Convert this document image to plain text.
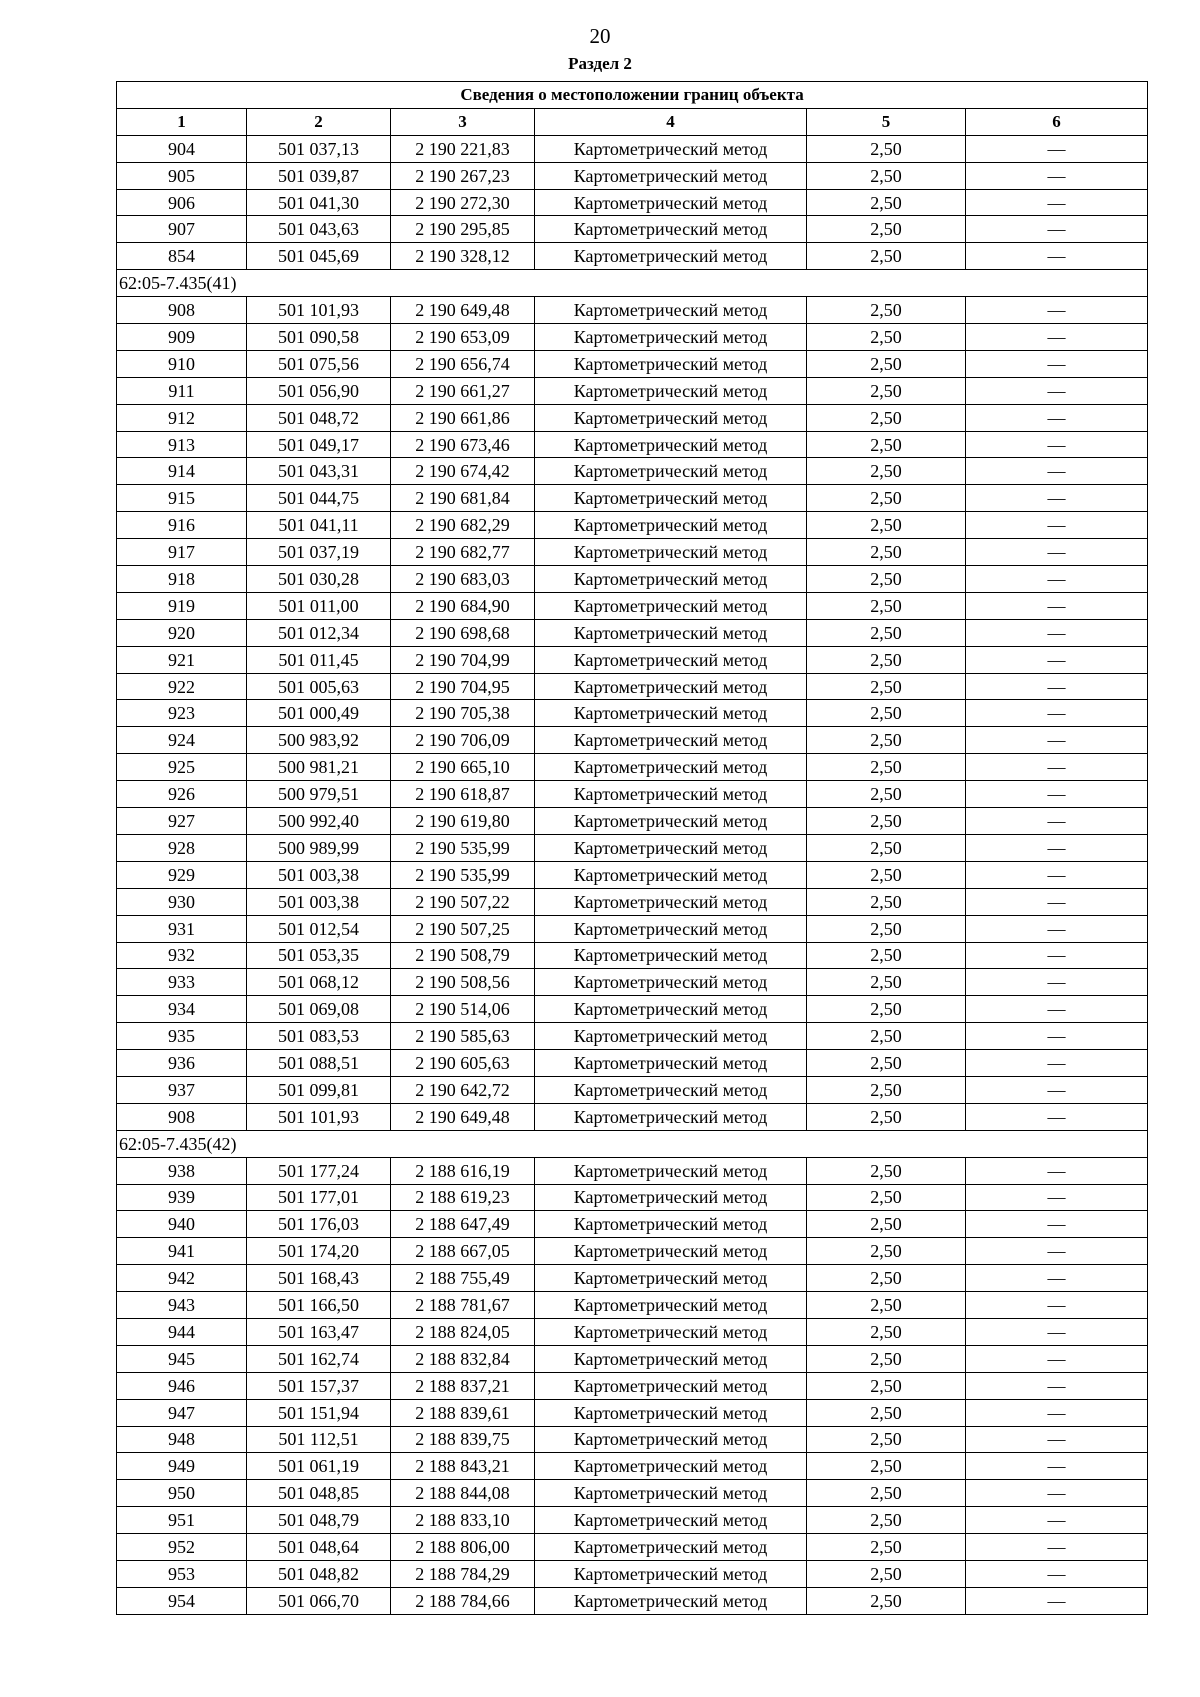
20
Раздел 2
Сведения о местоположении границ объекта					
1	2	3	4	5	6
904	501 037,13	2 190 221,83	Картометрический метод	2,50	—
905	501 039,87	2 190 267,23	Картометрический метод	2,50	—
906	501 041,30	2 190 272,30	Картометрический метод	2,50	—
907	501 043,63	2 190 295,85	Картометрический метод	2,50	—
854	501 045,69	2 190 328,12	Картометрический метод	2,50	—
62:05-7.435(41)					
908	501 101,93	2 190 649,48	Картометрический метод	2,50	—
909	501 090,58	2 190 653,09	Картометрический метод	2,50	—
910	501 075,56	2 190 656,74	Картометрический метод	2,50	—
911	501 056,90	2 190 661,27	Картометрический метод	2,50	—
912	501 048,72	2 190 661,86	Картометрический метод	2,50	—
913	501 049,17	2 190 673,46	Картометрический метод	2,50	—
914	501 043,31	2 190 674,42	Картометрический метод	2,50	—
915	501 044,75	2 190 681,84	Картометрический метод	2,50	—
916	501 041,11	2 190 682,29	Картометрический метод	2,50	—
917	501 037,19	2 190 682,77	Картометрический метод	2,50	—
918	501 030,28	2 190 683,03	Картометрический метод	2,50	—
919	501 011,00	2 190 684,90	Картометрический метод	2,50	—
920	501 012,34	2 190 698,68	Картометрический метод	2,50	—
921	501 011,45	2 190 704,99	Картометрический метод	2,50	—
922	501 005,63	2 190 704,95	Картометрический метод	2,50	—
923	501 000,49	2 190 705,38	Картометрический метод	2,50	—
924	500 983,92	2 190 706,09	Картометрический метод	2,50	—
925	500 981,21	2 190 665,10	Картометрический метод	2,50	—
926	500 979,51	2 190 618,87	Картометрический метод	2,50	—
927	500 992,40	2 190 619,80	Картометрический метод	2,50	—
928	500 989,99	2 190 535,99	Картометрический метод	2,50	—
929	501 003,38	2 190 535,99	Картометрический метод	2,50	—
930	501 003,38	2 190 507,22	Картометрический метод	2,50	—
931	501 012,54	2 190 507,25	Картометрический метод	2,50	—
932	501 053,35	2 190 508,79	Картометрический метод	2,50	—
933	501 068,12	2 190 508,56	Картометрический метод	2,50	—
934	501 069,08	2 190 514,06	Картометрический метод	2,50	—
935	501 083,53	2 190 585,63	Картометрический метод	2,50	—
936	501 088,51	2 190 605,63	Картометрический метод	2,50	—
937	501 099,81	2 190 642,72	Картометрический метод	2,50	—
908	501 101,93	2 190 649,48	Картометрический метод	2,50	—
62:05-7.435(42)					
938	501 177,24	2 188 616,19	Картометрический метод	2,50	—
939	501 177,01	2 188 619,23	Картометрический метод	2,50	—
940	501 176,03	2 188 647,49	Картометрический метод	2,50	—
941	501 174,20	2 188 667,05	Картометрический метод	2,50	—
942	501 168,43	2 188 755,49	Картометрический метод	2,50	—
943	501 166,50	2 188 781,67	Картометрический метод	2,50	—
944	501 163,47	2 188 824,05	Картометрический метод	2,50	—
945	501 162,74	2 188 832,84	Картометрический метод	2,50	—
946	501 157,37	2 188 837,21	Картометрический метод	2,50	—
947	501 151,94	2 188 839,61	Картометрический метод	2,50	—
948	501 112,51	2 188 839,75	Картометрический метод	2,50	—
949	501 061,19	2 188 843,21	Картометрический метод	2,50	—
950	501 048,85	2 188 844,08	Картометрический метод	2,50	—
951	501 048,79	2 188 833,10	Картометрический метод	2,50	—
952	501 048,64	2 188 806,00	Картометрический метод	2,50	—
953	501 048,82	2 188 784,29	Картометрический метод	2,50	—
954	501 066,70	2 188 784,66	Картометрический метод	2,50	—
